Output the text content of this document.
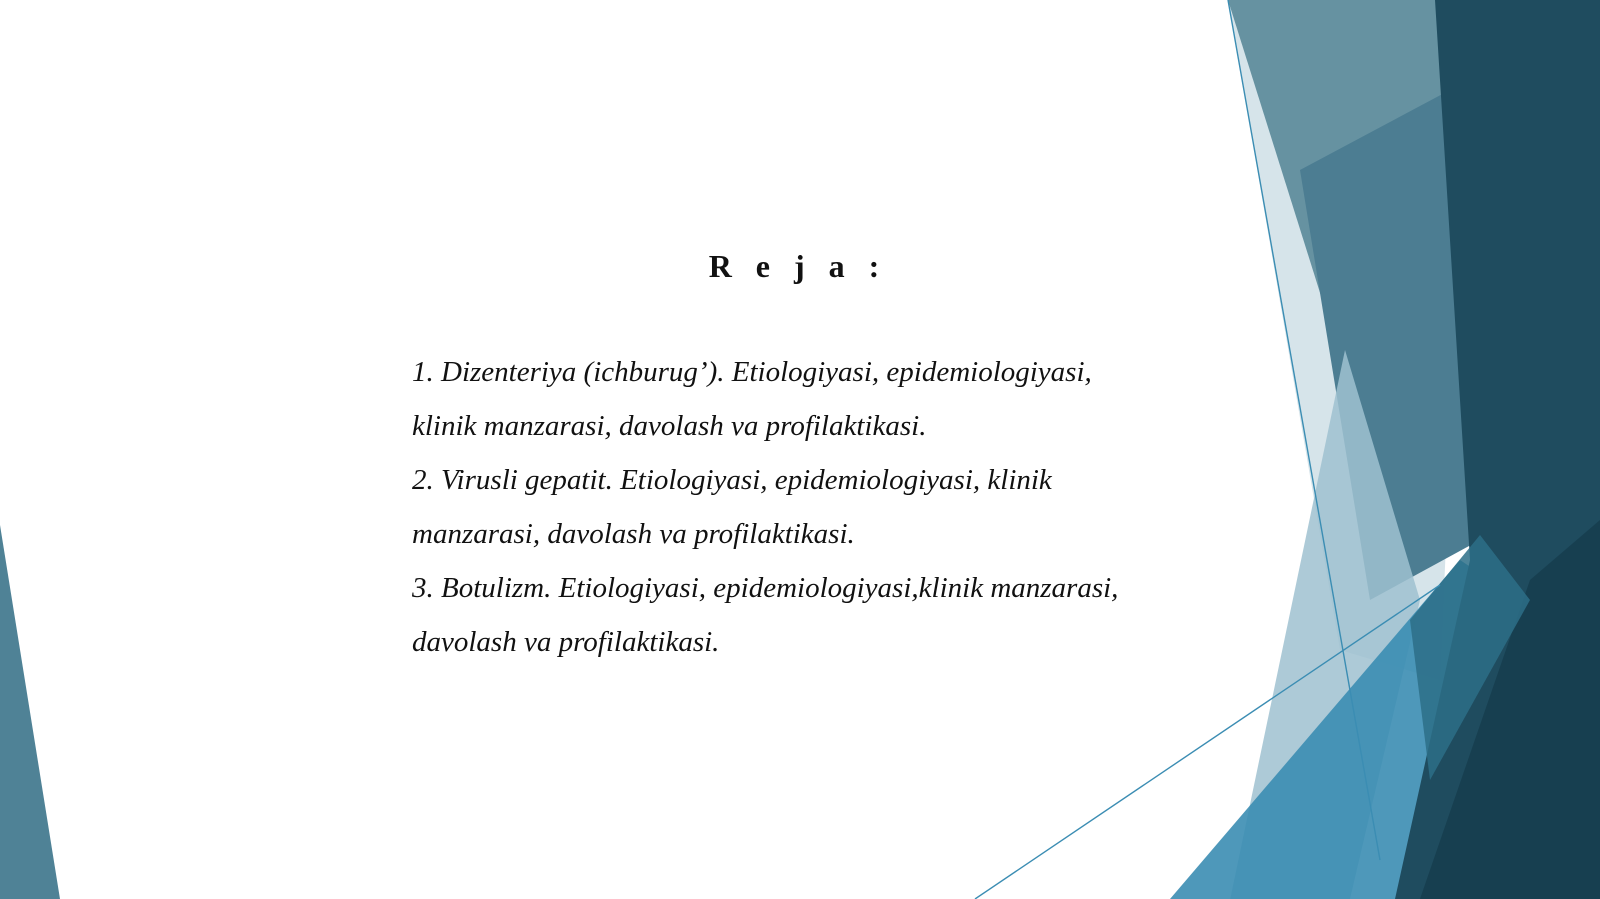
R e j a :
1. Dizenteriya (ichburug’). Etiologiyasi, epidemiologiyasi,
klinik manzarasi, davolash va profilaktikasi.
2. Virusli gepatit. Etiologiyasi, epidemiologiyasi, klinik
manzarasi, davolash va profilaktikasi.
3. Botulizm. Etiologiyasi, epidemiologiyasi,klinik manzarasi,
davolash va profilaktikasi.
